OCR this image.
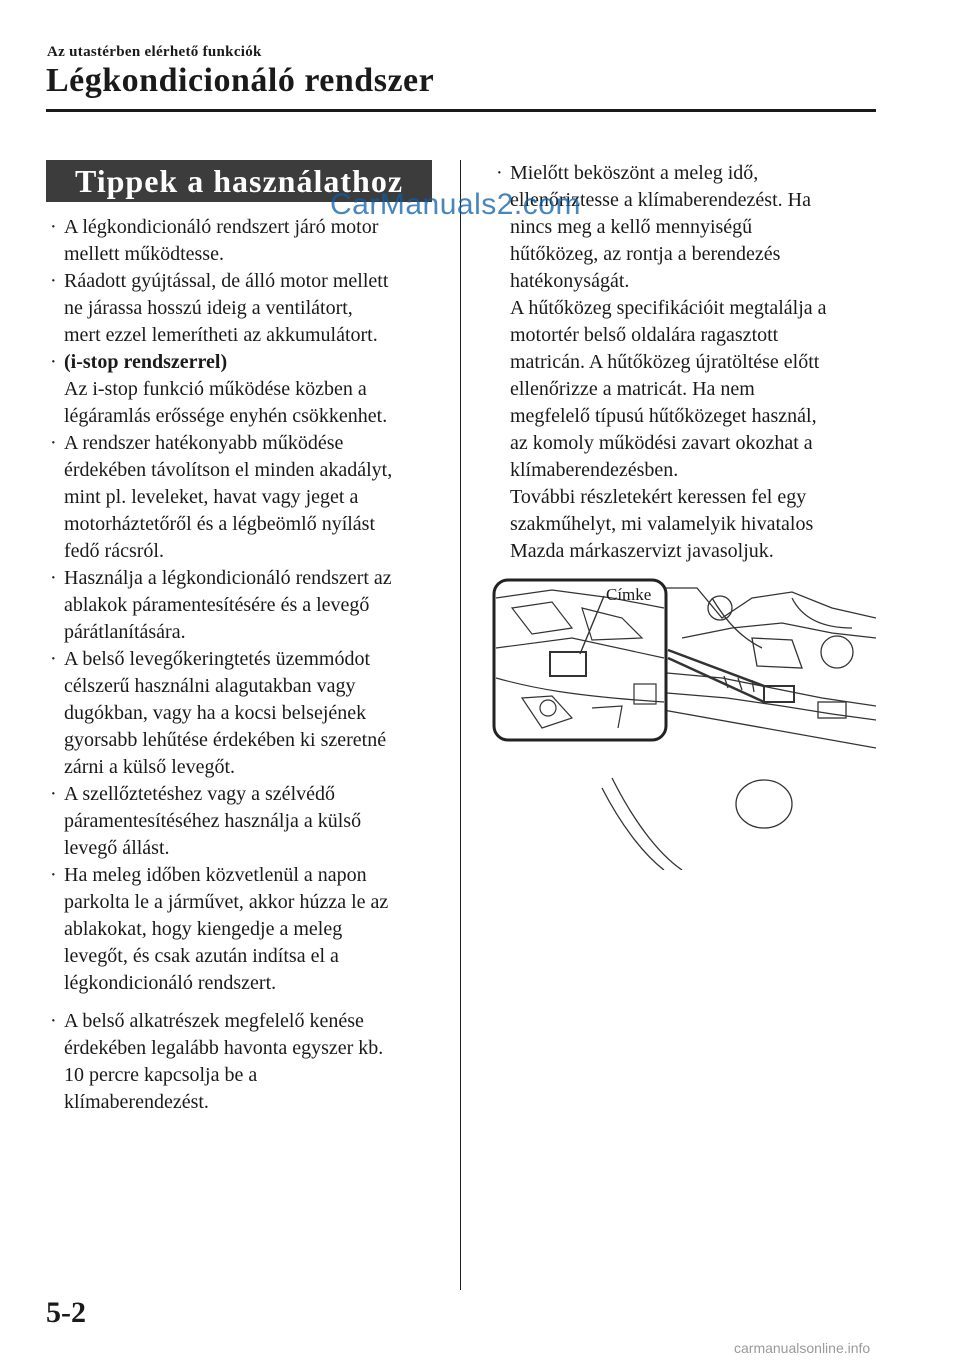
Az utastérben elérhető funkciók
Légkondicionáló rendszer
Tippek a használathoz

· A légkondicionáló rendszert járó motor
mellett működtesse.

· Ráadott gyújtással, de álló motor mellett
ne járassa hosszú ideig a ventilátort,
mert ezzel lemerítheti az akkumulátort.

· (i-stop rendszerrel)
Az i-stop funkció működése közben a
légáramlás erőssége enyhén csökkenhet.

· A rendszer hatékonyabb működése
érdekében távolítson el minden akadályt,
mint pl. leveleket, havat vagy jeget a
motorháztetőről és a légbeömlő nyílást
fedő rácsról.

· Használja a légkondicionáló rendszert az
ablakok páramentesítésére és a levegő
párátlanítására.

· A belső levegőkeringtetés üzemmódot
célszerű használni alagutakban vagy
dugókban, vagy ha a kocsi belsejének
gyorsabb lehűtése érdekében ki szeretné
zárni a külső levegőt.

· A szellőztetéshez vagy a szélvédő
páramentesítéséhez használja a külső
levegő állást.

· Ha meleg időben közvetlenül a napon
parkolta le a járművet, akkor húzza le az
ablakokat, hogy kiengedje a meleg
levegőt, és csak azután indítsa el a
légkondicionáló rendszert.

· A belső alkatrészek megfelelő kenése
érdekében legalább havonta egyszer kb.
10 percre kapcsolja be a
klímaberendezést.

· Mielőtt beköszönt a meleg idő,
ellenőriztesse a klímaberendezést. Ha
nincs meg a kellő mennyiségű
hűtőközeg, az rontja a berendezés
hatékonyságát.
A hűtőközeg specifikációit megtalálja a
motortér belső oldalára ragasztott
matricán. A hűtőközeg újratöltése előtt
ellenőrizze a matricát. Ha nem
megfelelő típusú hűtőközeget használ,
az komoly működési zavart okozhat a
klímaberendezésben.
További részletekért keressen fel egy
szakműhelyt, mi valamelyik hivatalos
Mazda márkaszervizt javasoljuk.

CarManuals2.com
Címke
5-2
carmanualsonline.info
